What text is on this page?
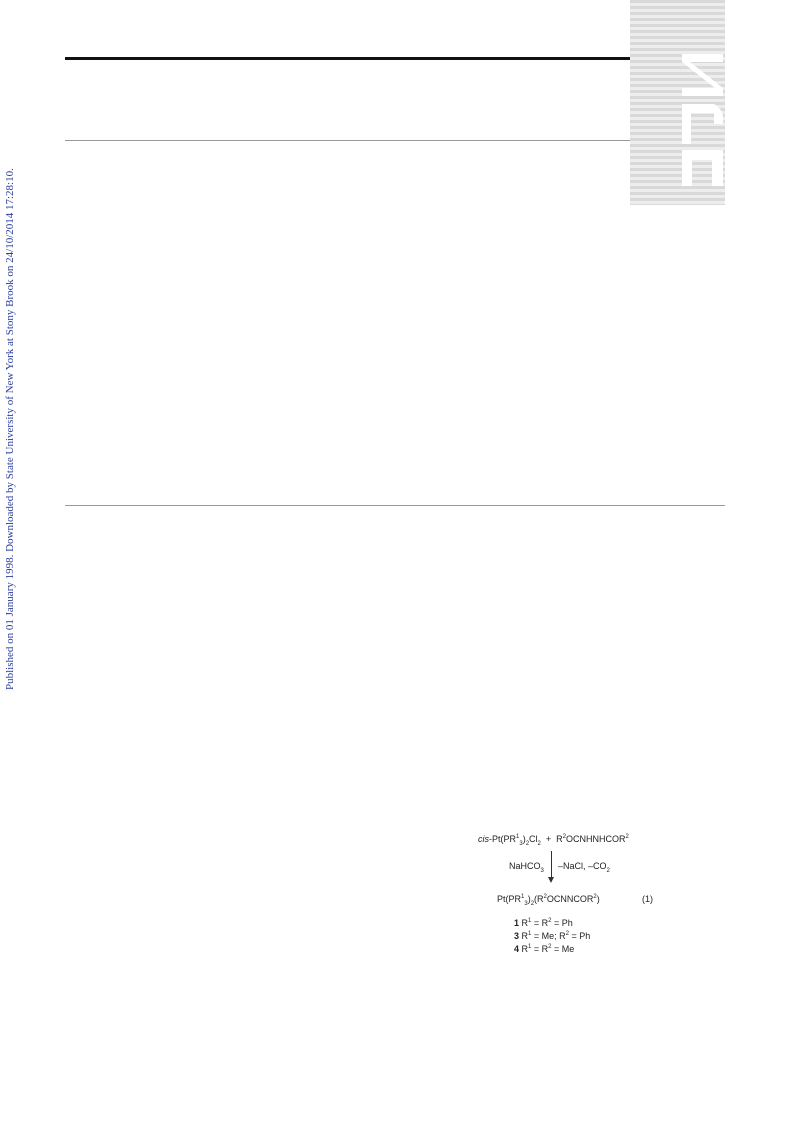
Published on 01 January 1998. Downloaded by State University of New York at Stony Brook on 24/10/2014 17:28:10.
cis-$Pt(PR^1_3)_2Cl_2$  +  $R^2OCNHNHCOR^2$
NaHCO$_3$ –NaCl, $-CO_2$
$Pt(PR^1_3)_2(R^2OCNNCOR^2)$	(1)
1 $R^1 = R^2 = Ph$
3 $R^1 = Me$; $R^2 = Ph$
4 $R^1 = R^2 = Me$
